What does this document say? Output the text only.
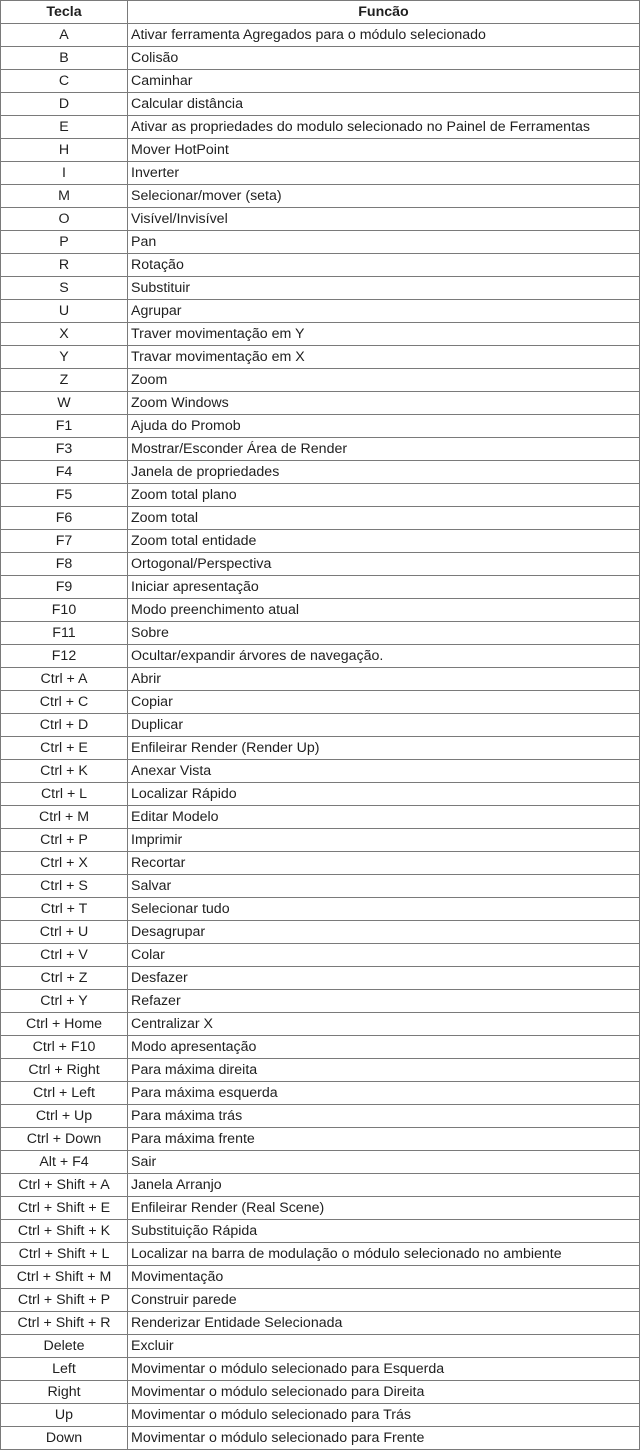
Tecla	Funcão
A	Ativar ferramenta Agregados para o módulo selecionado
B	Colisão
C	Caminhar
D	Calcular distância
E	Ativar as propriedades do modulo selecionado no Painel de Ferramentas
H	Mover HotPoint
I	Inverter
M	Selecionar/mover (seta)
O	Visível/Invisível
P	Pan
R	Rotação
S	Substituir
U	Agrupar
X	Traver movimentação em Y
Y	Travar movimentação em X
Z	Zoom
W	Zoom Windows
F1	Ajuda do Promob
F3	Mostrar/Esconder Área de Render
F4	Janela de propriedades
F5	Zoom total plano
F6	Zoom total
F7	Zoom total entidade
F8	Ortogonal/Perspectiva
F9	Iniciar apresentação
F10	Modo preenchimento atual
F11	Sobre
F12	Ocultar/expandir árvores de navegação.
Ctrl + A	Abrir
Ctrl + C	Copiar
Ctrl + D	Duplicar
Ctrl + E	Enfileirar Render (Render Up)
Ctrl + K	Anexar Vista
Ctrl + L	Localizar Rápido
Ctrl + M	Editar Modelo
Ctrl + P	Imprimir
Ctrl + X	Recortar
Ctrl + S	Salvar
Ctrl + T	Selecionar tudo
Ctrl + U	Desagrupar
Ctrl + V	Colar
Ctrl + Z	Desfazer
Ctrl + Y	Refazer
Ctrl + Home	Centralizar X
Ctrl + F10	Modo apresentação
Ctrl + Right	Para máxima direita
Ctrl + Left	Para máxima esquerda
Ctrl + Up	Para máxima trás
Ctrl + Down	Para máxima frente
Alt + F4	Sair
Ctrl + Shift + A	Janela Arranjo
Ctrl + Shift + E	Enfileirar Render (Real Scene)
Ctrl + Shift + K	Substituição Rápida
Ctrl + Shift + L	Localizar na barra de modulação o módulo selecionado no ambiente
Ctrl + Shift + M	Movimentação
Ctrl + Shift + P	Construir parede
Ctrl + Shift + R	Renderizar Entidade Selecionada
Delete	Excluir
Left	Movimentar o módulo selecionado para Esquerda
Right	Movimentar o módulo selecionado para Direita
Up	Movimentar o módulo selecionado para Trás
Down	Movimentar o módulo selecionado para Frente
